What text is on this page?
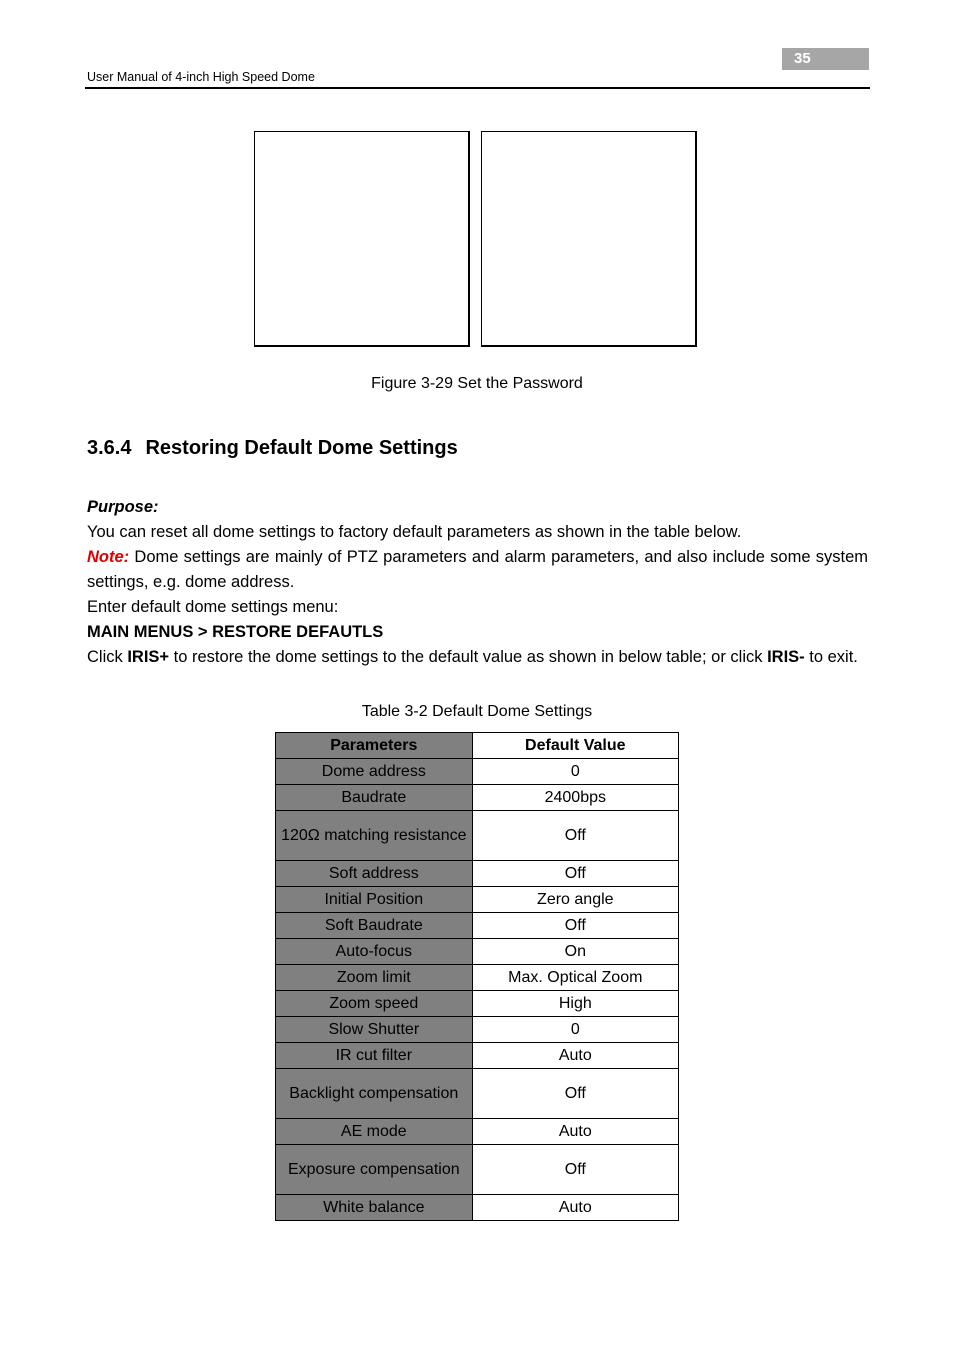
35
User Manual of 4-inch High Speed Dome
Figure 3-29 Set the Password
3.6.4 Restoring Default Dome Settings
Purpose:
You can reset all dome settings to factory default parameters as shown in the table below.
Note: Dome settings are mainly of PTZ parameters and alarm parameters, and also include some system settings, e.g. dome address.
Enter default dome settings menu:
MAIN MENUS > RESTORE DEFAUTLS
Click IRIS+ to restore the dome settings to the default value as shown in below table; or click IRIS- to exit.
Table 3-2 Default Dome Settings
Parameters	Default Value
Dome address	0
Baudrate	2400bps
120Ω matching resistance	Off
Soft address	Off
Initial Position	Zero angle
Soft Baudrate	Off
Auto-focus	On
Zoom limit	Max. Optical Zoom
Zoom speed	High
Slow Shutter	0
IR cut filter	Auto
Backlight compensation	Off
AE mode	Auto
Exposure compensation	Off
White balance	Auto
